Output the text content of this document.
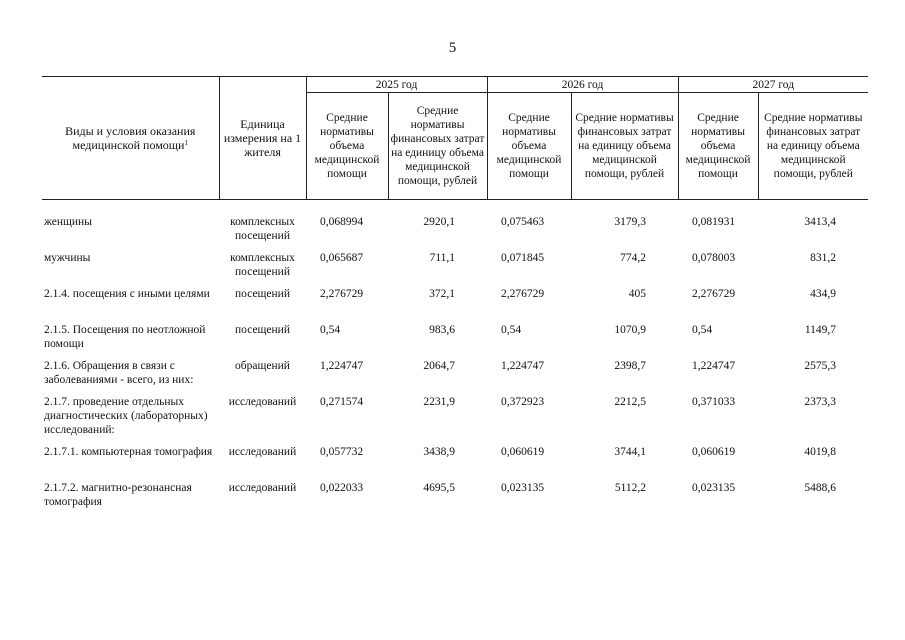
5
Виды и условия оказания медицинской помощи$^1$	Единица измерения на 1 жителя	2025 год		2026 год		2027 год	
		Средние нормативы объема медицинской помощи	Средние нормативы финансовых затрат на единицу объема медицинской помощи, рублей	Средние нормативы объема медицинской помощи	Средние нормативы финансовых затрат на единицу объема медицинской помощи, рублей	Средние нормативы объема медицинской помощи	Средние нормативы финансовых затрат на единицу объема медицинской помощи, рублей
женщины	комплексных посещений	0,068994	2920,1	0,075463	3179,3	0,081931	3413,4
мужчины	комплексных посещений	0,065687	711,1	0,071845	774,2	0,078003	831,2
2.1.4. посещения с иными целями	посещений	2,276729	372,1	2,276729	405	2,276729	434,9
2.1.5. Посещения по неотложной помощи	посещений	0,54	983,6	0,54	1070,9	0,54	1149,7
2.1.6. Обращения в связи с заболеваниями - всего, из них:	обращений	1,224747	2064,7	1,224747	2398,7	1,224747	2575,3
2.1.7. проведение отдельных диагностических (лабораторных) исследований:	исследований	0,271574	2231,9	0,372923	2212,5	0,371033	2373,3
2.1.7.1. компьютерная томография	исследований	0,057732	3438,9	0,060619	3744,1	0,060619	4019,8
2.1.7.2. магнитно-резонансная томография	исследований	0,022033	4695,5	0,023135	5112,2	0,023135	5488,6
